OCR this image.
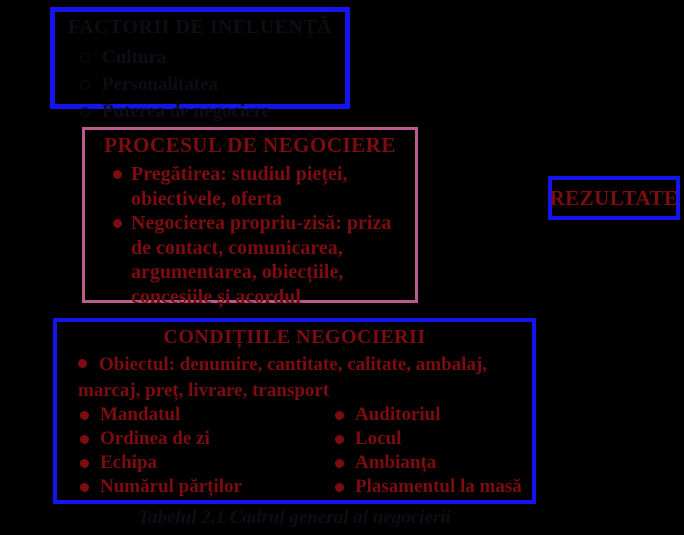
FACTORII DE INFLUENȚĂ
Cultura
Personalitatea
Puterea de negociere
PROCESUL DE NEGOCIERE
Pregătirea: studiul pieței, obiectivele, oferta
Negocierea propriu-zisă: priza de contact, comunicarea, argumentarea, obiecțiile, concesiile și acordul
REZULTATE
CONDIȚIILE NEGOCIERII
Obiectul: denumire, cantitate, calitate, ambalaj, marcaj, preț, livrare, transport
Mandatul
Ordinea de zi
Echipa
Numărul părților
Auditoriul
Locul
Ambianța
Plasamentul la masă
Tabelul 2.1 Cadrul general al negocierii
